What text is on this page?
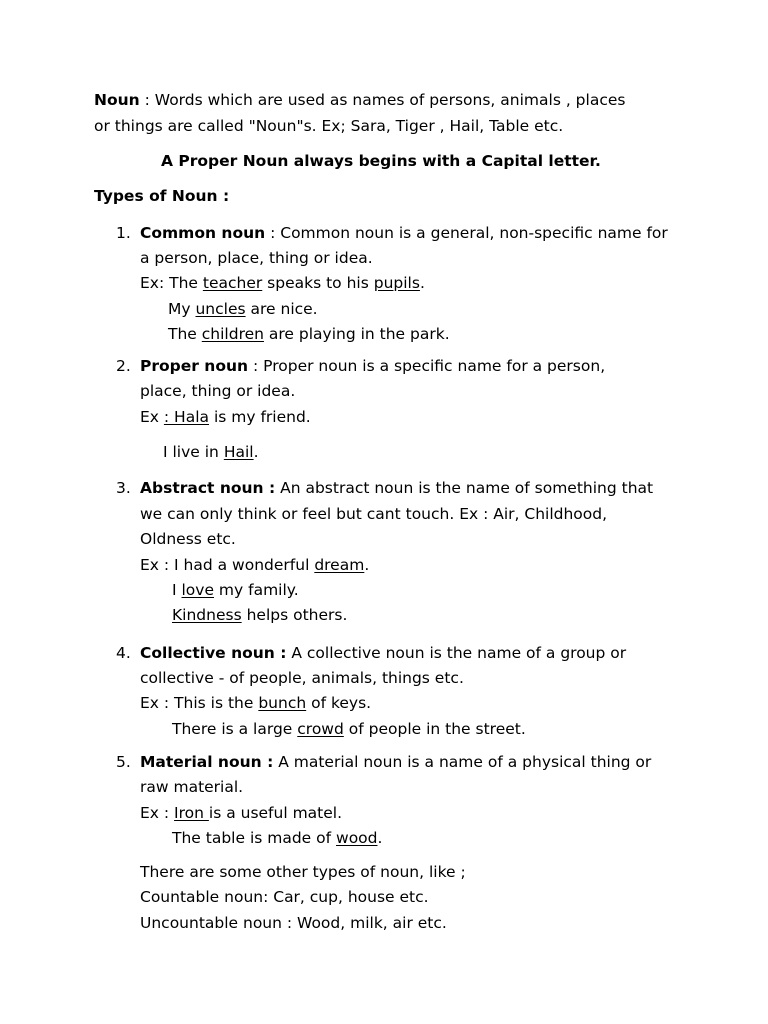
Noun : Words which are used as names of persons, animals , places
or things are called "Noun"s. Ex; Sara, Tiger , Hail, Table etc.
A Proper Noun always begins with a Capital letter.
Types of Noun :
1. Common noun : Common noun is a general, non-specific name for
a person, place, thing or idea.
Ex: The teacher speaks to his pupils.
My uncles are nice.
The children are playing in the park.
2. Proper noun : Proper noun is a specific name for a person,
place, thing or idea.
Ex : Hala is my friend.
I live in Hail.
3. Abstract noun : An abstract noun is the name of something that
we can only think or feel but cant touch. Ex : Air, Childhood,
Oldness etc.
Ex : I had a wonderful dream.
I love my family.
Kindness helps others.
4. Collective noun : A collective noun is the name of a group or
collective - of people, animals, things etc.
Ex : This is the bunch of keys.
There is a large crowd of people in the street.
5. Material noun : A material noun is a name of a physical thing or
raw material.
Ex : Iron is a useful matel.
The table is made of wood.
There are some other types of noun, like ;
Countable noun: Car, cup, house etc.
Uncountable noun : Wood, milk, air etc.
